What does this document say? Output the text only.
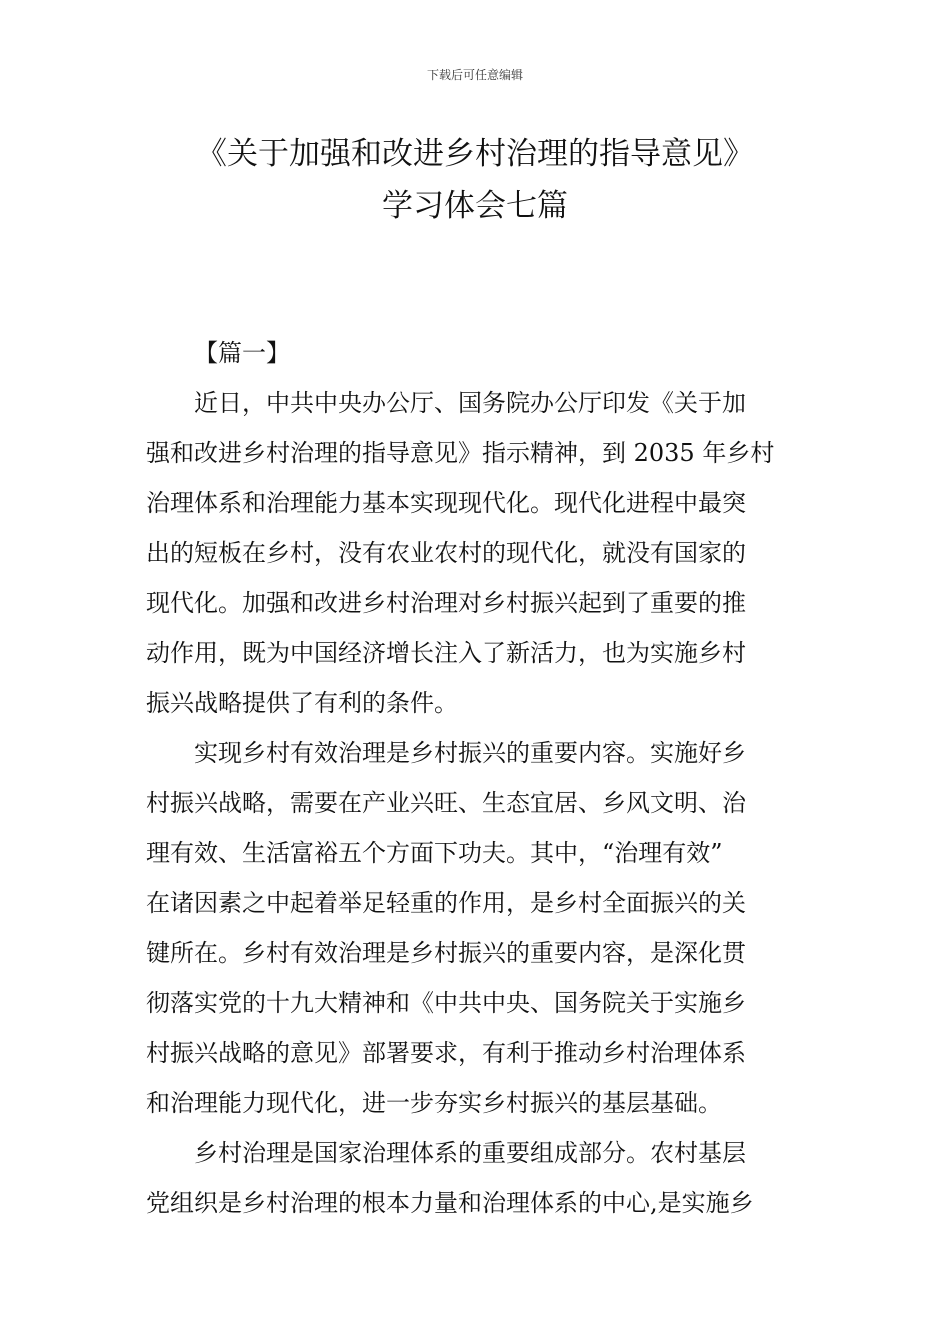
下载后可任意编辑
《关于加强和改进乡村治理的指导意见》
学习体会七篇
【篇一】
近日，中共中央办公厅、国务院办公厅印发《关于加
强和改进乡村治理的指导意见》指示精神，到 2035 年乡村
治理体系和治理能力基本实现现代化。现代化进程中最突
出的短板在乡村，没有农业农村的现代化，就没有国家的
现代化。加强和改进乡村治理对乡村振兴起到了重要的推
动作用，既为中国经济增长注入了新活力，也为实施乡村
振兴战略提供了有利的条件。
实现乡村有效治理是乡村振兴的重要内容。实施好乡
村振兴战略，需要在产业兴旺、生态宜居、乡风文明、治
理有效、生活富裕五个方面下功夫。其中，“治理有效”
在诸因素之中起着举足轻重的作用，是乡村全面振兴的关
键所在。乡村有效治理是乡村振兴的重要内容，是深化贯
彻落实党的十九大精神和《中共中央、国务院关于实施乡
村振兴战略的意见》部署要求，有利于推动乡村治理体系
和治理能力现代化，进一步夯实乡村振兴的基层基础。
乡村治理是国家治理体系的重要组成部分。农村基层
党组织是乡村治理的根本力量和治理体系的中心,是实施乡
